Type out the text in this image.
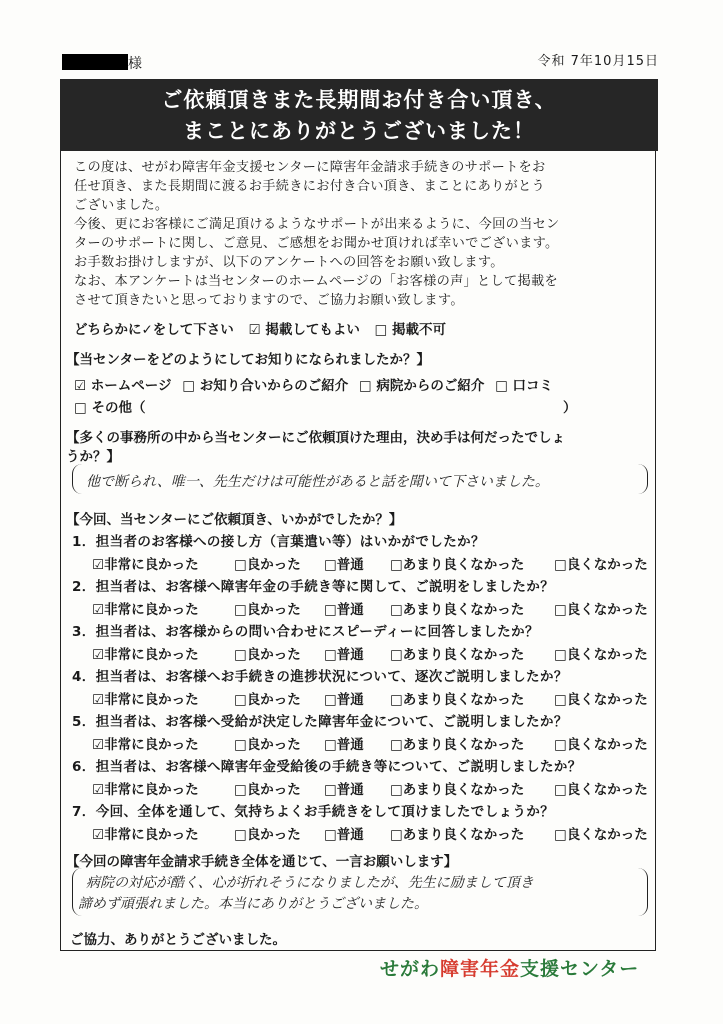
様	令和 7年10月15日
ご依頼頂きまた長期間お付き合い頂き、
まことにありがとうございました！
この度は、せがわ障害年金支援センターに障害年金請求手続きのサポートをお
任せ頂き、また長期間に渡るお手続きにお付き合い頂き、まことにありがとう
ございました。
今後、更にお客様にご満足頂けるようなサポートが出来るように、今回の当セン
ターのサポートに関し、ご意見、ご感想をお聞かせ頂ければ幸いでございます。
お手数お掛けしますが、以下のアンケートへの回答をお願い致します。
なお、本アンケートは当センターのホームページの「お客様の声」として掲載を
させて頂きたいと思っておりますので、ご協力お願い致します。
どちらかに✓をして下さい ☑ 掲載してもよい □ 掲載不可
【当センターをどのようにしてお知りになられましたか？】
☑ ホームページ □ お知り合いからのご紹介 □ 病院からのご紹介 □ 口コミ
□ その他（	）
【多くの事務所の中から当センターにご依頼頂けた理由，決め手は何だったでしょ
うか？】
他で断られ、唯一、先生だけは可能性があると話を聞いて下さいました。
【今回、当センターにご依頼頂き、いかがでしたか？】
1．担当者のお客様への接し方（言葉遣い等）はいかがでしたか？
☑非常に良かった	□良かった □普通 □あまり良くなかった □良くなかった
2．担当者は、お客様へ障害年金の手続き等に関して、ご説明をしましたか？
☑非常に良かった	□良かった □普通 □あまり良くなかった □良くなかった
3．担当者は、お客様からの問い合わせにスピーディーに回答しましたか？
☑非常に良かった	□良かった □普通 □あまり良くなかった □良くなかった
4．担当者は、お客様へお手続きの進捗状況について、逐次ご説明しましたか？
☑非常に良かった	□良かった □普通 □あまり良くなかった □良くなかった
5．担当者は、お客様へ受給が決定した障害年金について、ご説明しましたか？
☑非常に良かった	□良かった □普通 □あまり良くなかった □良くなかった
6．担当者は、お客様へ障害年金受給後の手続き等について、ご説明しましたか？
☑非常に良かった	□良かった □普通 □あまり良くなかった □良くなかった
7．今回、全体を通して、気持ちよくお手続きをして頂けましたでしょうか？
☑非常に良かった	□良かった □普通 □あまり良くなかった □良くなかった
【今回の障害年金請求手続き全体を通じて、一言お願いします】
病院の対応が酷く、心が折れそうになりましたが、先生に励まして頂き
諦めず頑張れました。本当にありがとうございました。
ご協力、ありがとうございました。
せがわ障害年金支援センター
